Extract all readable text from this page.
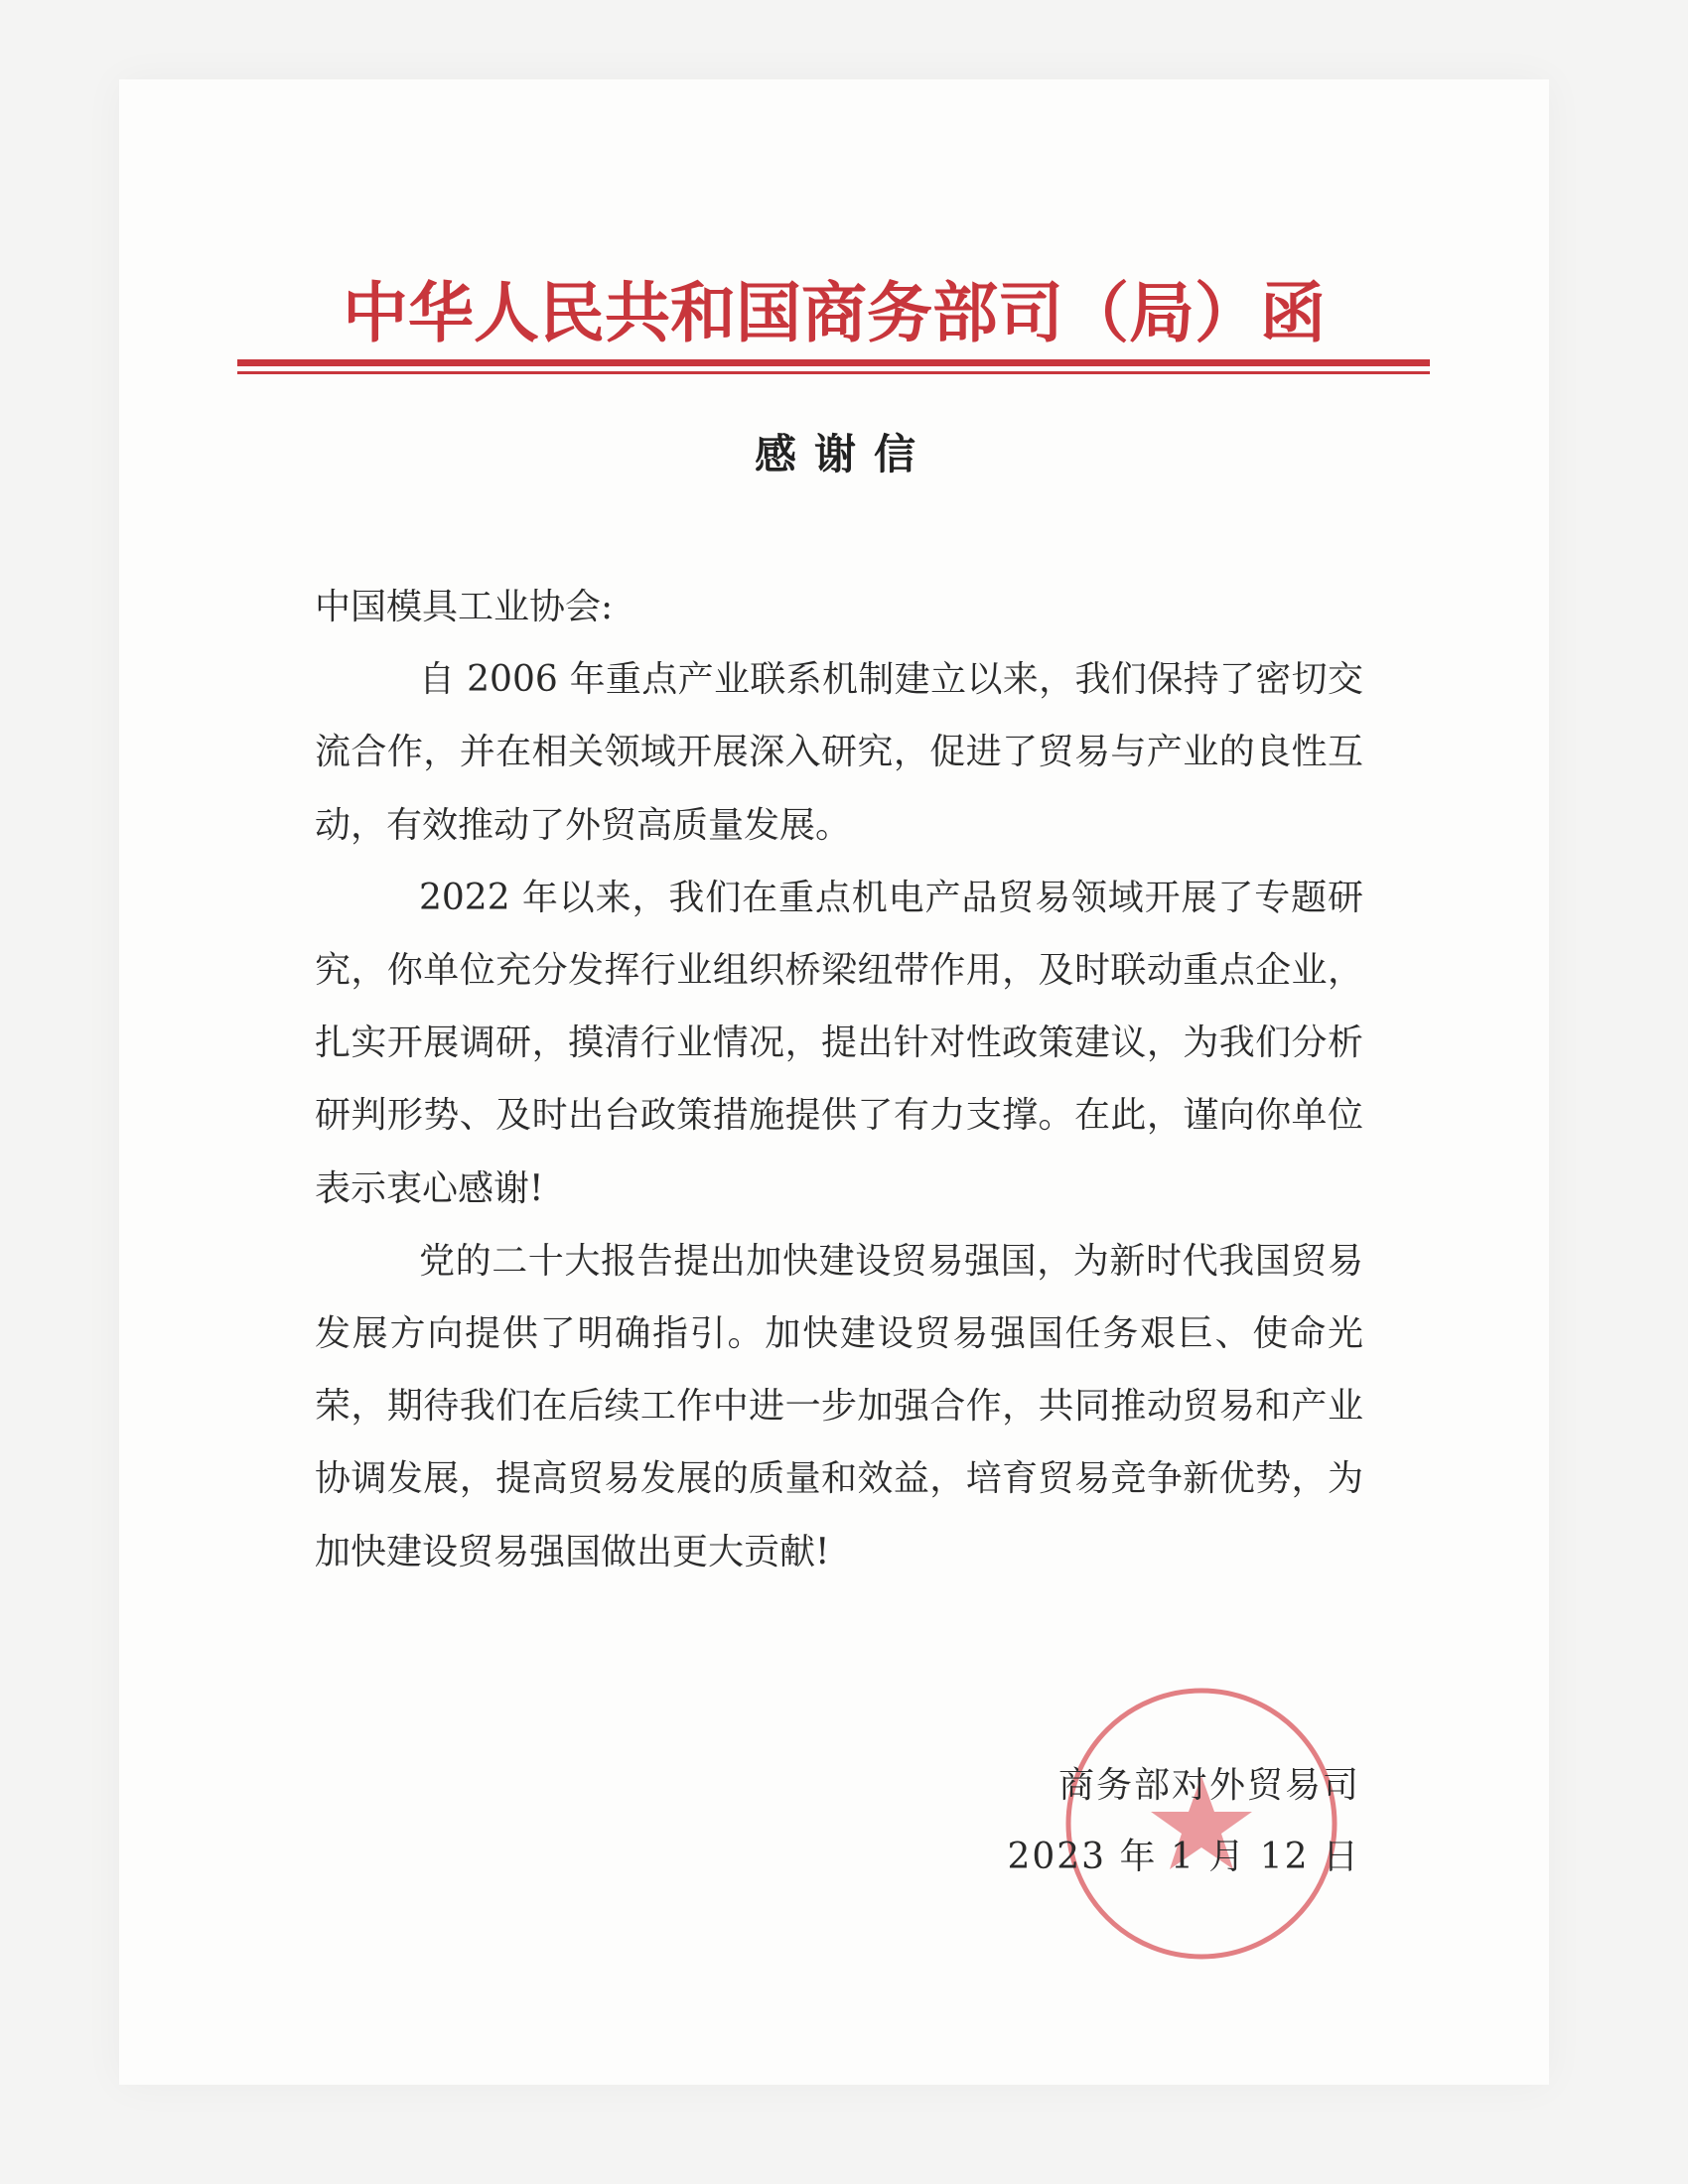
中华人民共和国商务部司（局）函
感谢信

中国模具工业协会:

自 2006 年重点产业联系机制建立以来，我们保持了密切交流合作，并在相关领域开展深入研究，促进了贸易与产业的良性互动，有效推动了外贸高质量发展。

2022 年以来，我们在重点机电产品贸易领域开展了专题研究，你单位充分发挥行业组织桥梁纽带作用，及时联动重点企业，扎实开展调研，摸清行业情况，提出针对性政策建议，为我们分析研判形势、及时出台政策措施提供了有力支撑。在此，谨向你单位表示衷心感谢!

党的二十大报告提出加快建设贸易强国，为新时代我国贸易发展方向提供了明确指引。加快建设贸易强国任务艰巨、使命光荣，期待我们在后续工作中进一步加强合作，共同推动贸易和产业协调发展，提高贸易发展的质量和效益，培育贸易竞争新优势，为加快建设贸易强国做出更大贡献!

商务部对外贸易司
2023 年 1 月 12 日
